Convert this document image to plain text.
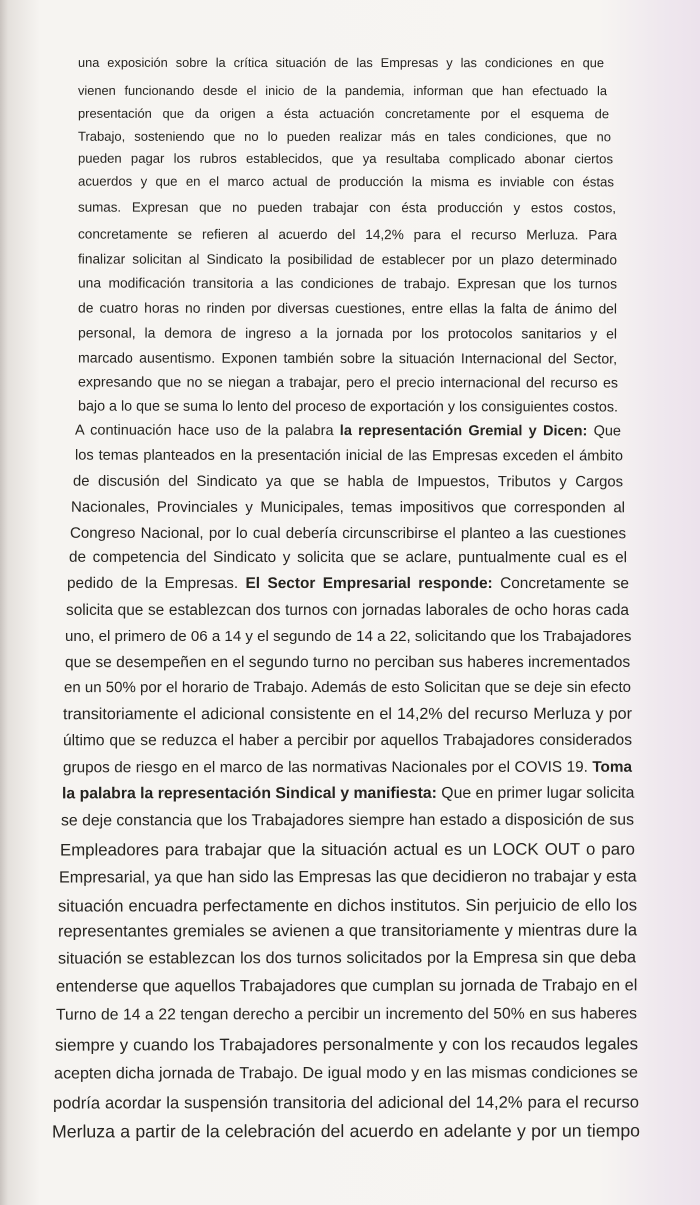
una exposición sobre la crítica situación de las Empresas y las condiciones en que

vienen funcionando desde el inicio de la pandemia, informan que han efectuado la

presentación que da origen a ésta actuación concretamente por el esquema de

Trabajo, sosteniendo que no lo pueden realizar más en tales condiciones, que no

pueden pagar los rubros establecidos, que ya resultaba complicado abonar ciertos

acuerdos y que en el marco actual de producción la misma es inviable con éstas

sumas. Expresan que no pueden trabajar con ésta producción y estos costos,

concretamente se refieren al acuerdo del 14,2% para el recurso Merluza. Para

finalizar solicitan al Sindicato la posibilidad de establecer por un plazo determinado

una modificación transitoria a las condiciones de trabajo. Expresan que los turnos

de cuatro horas no rinden por diversas cuestiones, entre ellas la falta de ánimo del

personal, la demora de ingreso a la jornada por los protocolos sanitarios y el

marcado ausentismo. Exponen también sobre la situación Internacional del Sector,

expresando que no se niegan a trabajar, pero el precio internacional del recurso es

bajo a lo que se suma lo lento del proceso de exportación y los consiguientes costos.

A continuación hace uso de la palabra la representación Gremial y Dicen: Que

los temas planteados en la presentación inicial de las Empresas exceden el ámbito

de discusión del Sindicato ya que se habla de Impuestos, Tributos y Cargos

Nacionales, Provinciales y Municipales, temas impositivos que corresponden al

Congreso Nacional, por lo cual debería circunscribirse el planteo a las cuestiones

de competencia del Sindicato y solicita que se aclare, puntualmente cual es el

pedido de la Empresas. El Sector Empresarial responde: Concretamente se

solicita que se establezcan dos turnos con jornadas laborales de ocho horas cada

uno, el primero de 06 a 14 y el segundo de 14 a 22, solicitando que los Trabajadores

que se desempeñen en el segundo turno no perciban sus haberes incrementados

en un 50% por el horario de Trabajo. Además de esto Solicitan que se deje sin efecto

transitoriamente el adicional consistente en el 14,2% del recurso Merluza y por

último que se reduzca el haber a percibir por aquellos Trabajadores considerados

grupos de riesgo en el marco de las normativas Nacionales por el COVIS 19. Toma

la palabra la representación Sindical y manifiesta: Que en primer lugar solicita

se deje constancia que los Trabajadores siempre han estado a disposición de sus

Empleadores para trabajar que la situación actual es un LOCK OUT o paro

Empresarial, ya que han sido las Empresas las que decidieron no trabajar y esta

situación encuadra perfectamente en dichos institutos. Sin perjuicio de ello los

representantes gremiales se avienen a que transitoriamente y mientras dure la

situación se establezcan los dos turnos solicitados por la Empresa sin que deba

entenderse que aquellos Trabajadores que cumplan su jornada de Trabajo en el

Turno de 14 a 22 tengan derecho a percibir un incremento del 50% en sus haberes

siempre y cuando los Trabajadores personalmente y con los recaudos legales

acepten dicha jornada de Trabajo. De igual modo y en las mismas condiciones se

podría acordar la suspensión transitoria del adicional del 14,2% para el recurso

Merluza a partir de la celebración del acuerdo en adelante y por un tiempo
